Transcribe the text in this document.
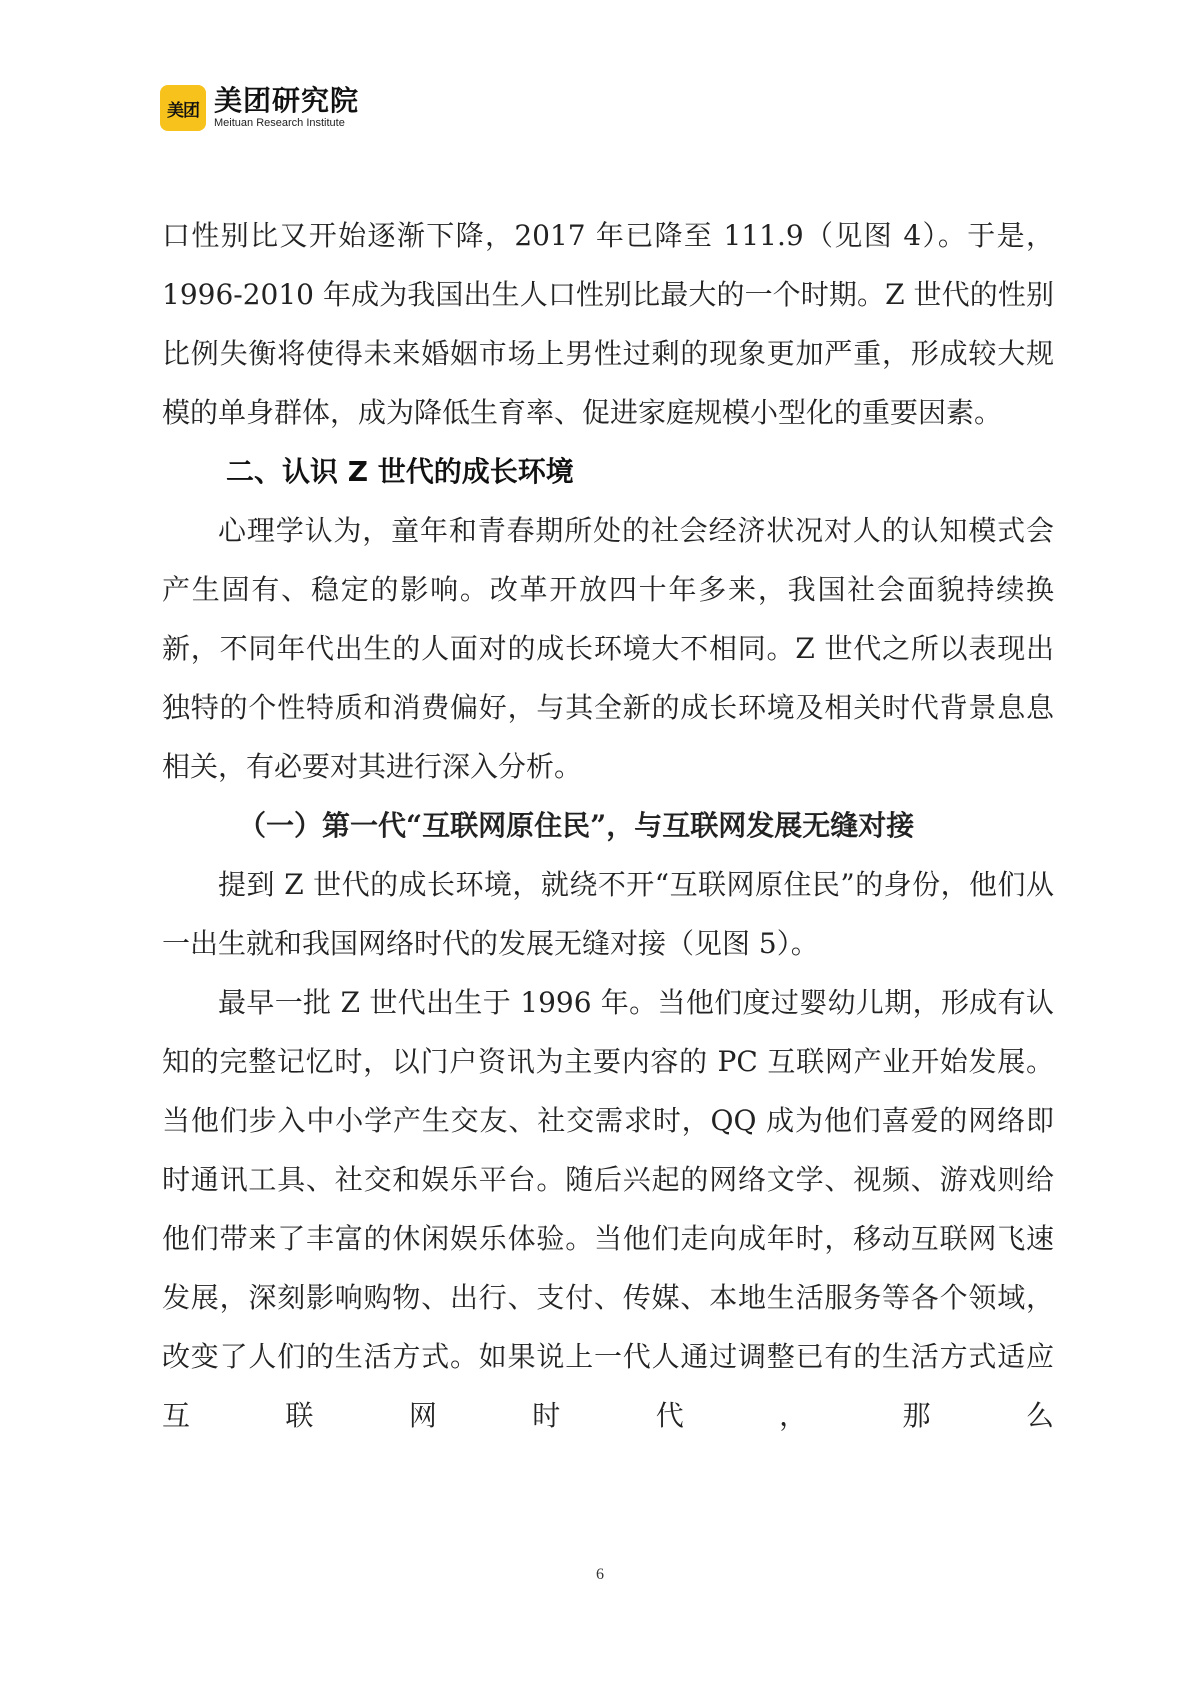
美团 美团研究院
Meituan Research Institute

口性别比又开始逐渐下降，2017 年已降至 111.9（见图 4）。于是，1996-2010 年成为我国出生人口性别比最大的一个时期。Z 世代的性别比例失衡将使得未来婚姻市场上男性过剩的现象更加严重，形成较大规模的单身群体，成为降低生育率、促进家庭规模小型化的重要因素。

二、认识 Z 世代的成长环境

心理学认为，童年和青春期所处的社会经济状况对人的认知模式会产生固有、稳定的影响。改革开放四十年多来，我国社会面貌持续换新，不同年代出生的人面对的成长环境大不相同。Z 世代之所以表现出独特的个性特质和消费偏好，与其全新的成长环境及相关时代背景息息相关，有必要对其进行深入分析。

（一）第一代“互联网原住民”，与互联网发展无缝对接

提到 Z 世代的成长环境，就绕不开“互联网原住民”的身份，他们从一出生就和我国网络时代的发展无缝对接（见图 5）。

最早一批 Z 世代出生于 1996 年。当他们度过婴幼儿期，形成有认知的完整记忆时，以门户资讯为主要内容的 PC 互联网产业开始发展。当他们步入中小学产生交友、社交需求时，QQ 成为他们喜爱的网络即时通讯工具、社交和娱乐平台。随后兴起的网络文学、视频、游戏则给他们带来了丰富的休闲娱乐体验。当他们走向成年时，移动互联网飞速发展，深刻影响购物、出行、支付、传媒、本地生活服务等各个领域，改变了人们的生活方式。如果说上一代人通过调整已有的生活方式适应互联网时代，那么

6
